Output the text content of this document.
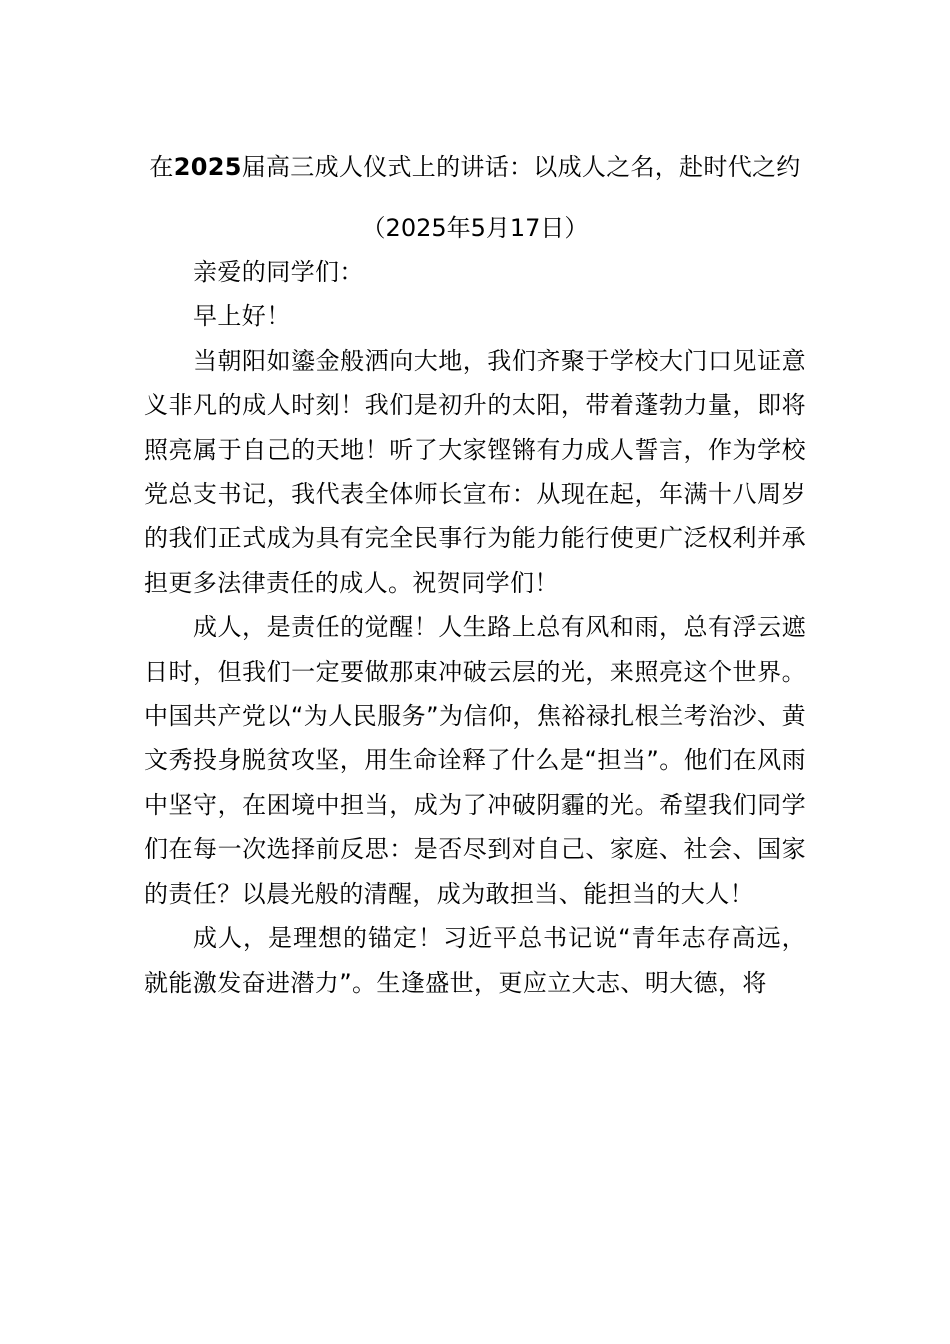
在2025届高三成人仪式上的讲话：以成人之名，赴时代之约

（2025年5月17日）

亲爱的同学们：

早上好！

当朝阳如鎏金般洒向大地，我们齐聚于学校大门口见证意义非凡的成人时刻！我们是初升的太阳，带着蓬勃力量，即将照亮属于自己的天地！听了大家铿锵有力成人誓言，作为学校党总支书记，我代表全体师长宣布：从现在起，年满十八周岁的我们正式成为具有完全民事行为能力能行使更广泛权利并承担更多法律责任的成人。祝贺同学们！

成人，是责任的觉醒！人生路上总有风和雨，总有浮云遮日时，但我们一定要做那束冲破云层的光，来照亮这个世界。中国共产党以“为人民服务”为信仰，焦裕禄扎根兰考治沙、黄文秀投身脱贫攻坚，用生命诠释了什么是“担当”。他们在风雨中坚守，在困境中担当，成为了冲破阴霾的光。希望我们同学们在每一次选择前反思：是否尽到对自己、家庭、社会、国家的责任？以晨光般的清醒，成为敢担当、能担当的大人！

成人，是理想的锚定！习近平总书记说“青年志存高远，就能激发奋进潜力”。生逢盛世，更应立大志、明大德，将
